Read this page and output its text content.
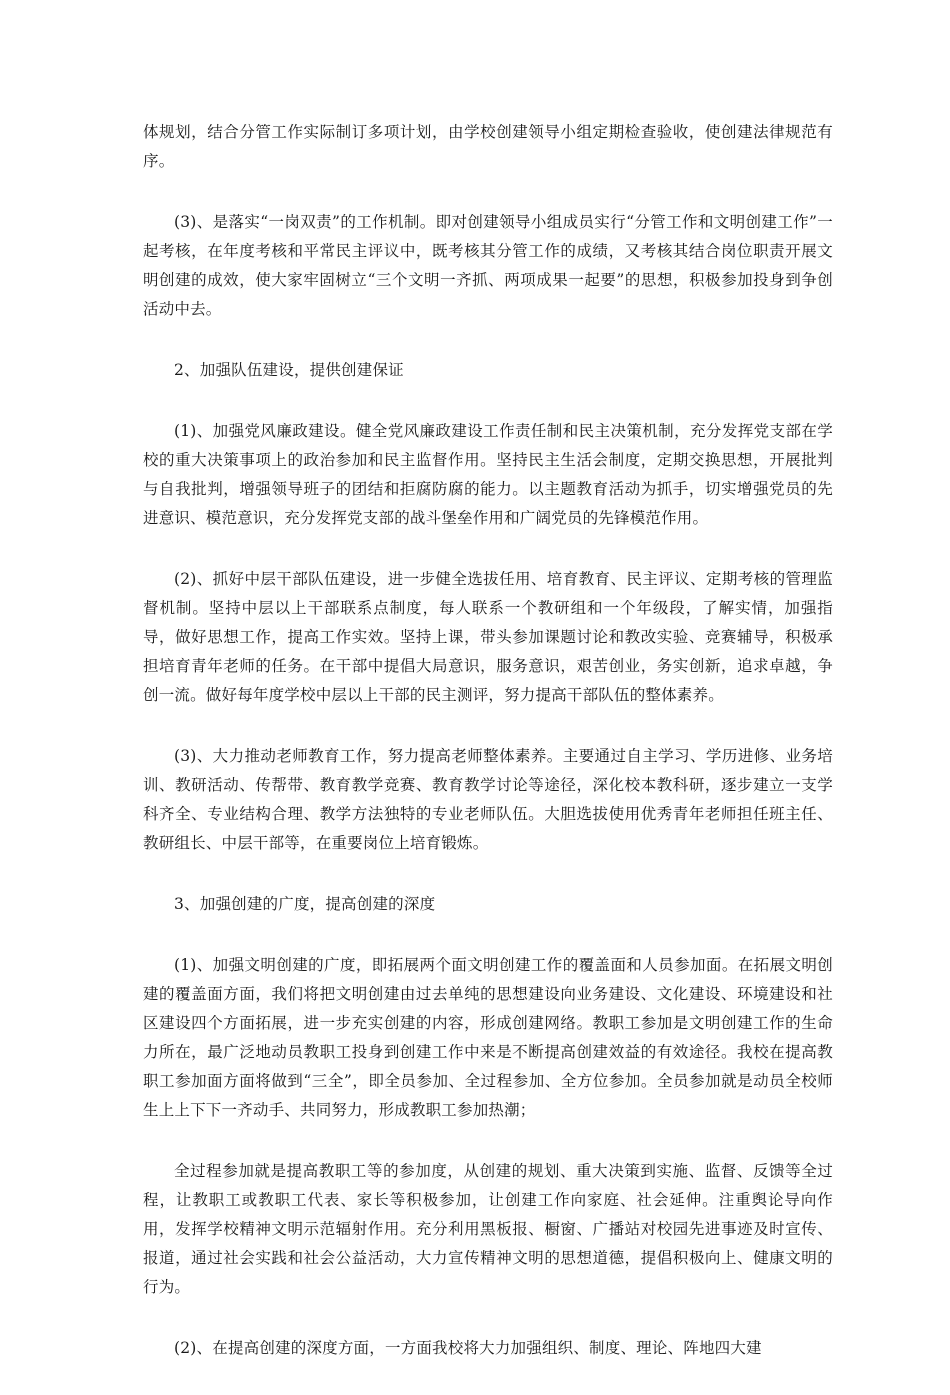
体规划，结合分管工作实际制订多项计划，由学校创建领导小组定期检查验收，使创建法律规范有序。

(3)、是落实“一岗双责”的工作机制。即对创建领导小组成员实行“分管工作和文明创建工作”一起考核，在年度考核和平常民主评议中，既考核其分管工作的成绩，又考核其结合岗位职责开展文明创建的成效，使大家牢固树立“三个文明一齐抓、两项成果一起要”的思想，积极参加投身到争创活动中去。

2、加强队伍建设，提供创建保证

(1)、加强党风廉政建设。健全党风廉政建设工作责任制和民主决策机制，充分发挥党支部在学校的重大决策事项上的政治参加和民主监督作用。坚持民主生活会制度，定期交换思想，开展批判与自我批判，增强领导班子的团结和拒腐防腐的能力。以主题教育活动为抓手，切实增强党员的先进意识、模范意识，充分发挥党支部的战斗堡垒作用和广阔党员的先锋模范作用。

(2)、抓好中层干部队伍建设，进一步健全选拔任用、培育教育、民主评议、定期考核的管理监督机制。坚持中层以上干部联系点制度，每人联系一个教研组和一个年级段，了解实情，加强指导，做好思想工作，提高工作实效。坚持上课，带头参加课题讨论和教改实验、竞赛辅导，积极承担培育青年老师的任务。在干部中提倡大局意识，服务意识，艰苦创业，务实创新，追求卓越，争创一流。做好每年度学校中层以上干部的民主测评，努力提高干部队伍的整体素养。

(3)、大力推动老师教育工作，努力提高老师整体素养。主要通过自主学习、学历进修、业务培训、教研活动、传帮带、教育教学竞赛、教育教学讨论等途径，深化校本教科研，逐步建立一支学科齐全、专业结构合理、教学方法独特的专业老师队伍。大胆选拔使用优秀青年老师担任班主任、教研组长、中层干部等，在重要岗位上培育锻炼。

3、加强创建的广度，提高创建的深度

(1)、加强文明创建的广度，即拓展两个面文明创建工作的覆盖面和人员参加面。在拓展文明创建的覆盖面方面，我们将把文明创建由过去单纯的思想建设向业务建设、文化建设、环境建设和社区建设四个方面拓展，进一步充实创建的内容，形成创建网络。教职工参加是文明创建工作的生命力所在，最广泛地动员教职工投身到创建工作中来是不断提高创建效益的有效途径。我校在提高教职工参加面方面将做到“三全”，即全员参加、全过程参加、全方位参加。全员参加就是动员全校师生上上下下一齐动手、共同努力，形成教职工参加热潮；

全过程参加就是提高教职工等的参加度，从创建的规划、重大决策到实施、监督、反馈等全过程，让教职工或教职工代表、家长等积极参加，让创建工作向家庭、社会延伸。注重舆论导向作用，发挥学校精神文明示范辐射作用。充分利用黑板报、橱窗、广播站对校园先进事迹及时宣传、报道，通过社会实践和社会公益活动，大力宣传精神文明的思想道德，提倡积极向上、健康文明的行为。

(2)、在提高创建的深度方面，一方面我校将大力加强组织、制度、理论、阵地四大建
